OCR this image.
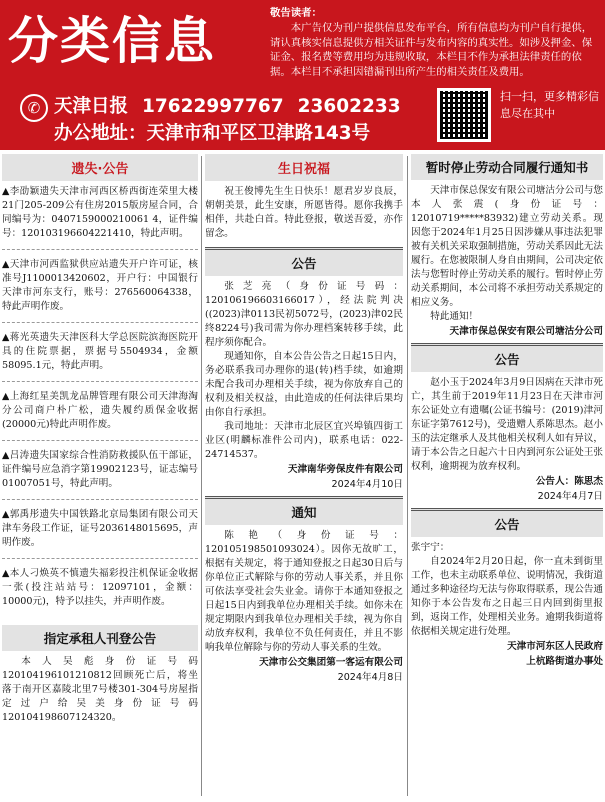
分类信息	敬告读者：
本广告仅为刊户提供信息发布平台，所有信息均为刊户自行提供，请认真核实信息提供方相关证件与发布内容的真实性。如涉及押金、保证金、报名费等费用均为违规收取，本栏目不作为承担法律责任的依据。本栏目不承担因错漏刊出所产生的相关责任及费用。
✆ 天津日报 17622997767 23602233
办公地址：天津市和平区卫津路143号
扫一扫，更多精彩信息尽在其中
遗失·公告
▲李劭颖遗失天津市河西区桥西街连荣里大楼21门205-209公有住房2015版房屋合同，合同编号为：0407159000210061 4，证件编号：120103196604221410，特此声明。
▲天津市河西监狱供应站遗失开户许可证，核准号J1100013420602，开户行：中国银行天津市河东支行，账号：276560064338，特此声明作废。
▲蒋光英遗失天津医科大学总医院滨海医院开具的住院票据，票据号5504934，金额58095.1元，特此声明。
▲上海红星美凯龙品牌管理有限公司天津海淘分公司商户朴广松，遗失履约质保金收据(20000元)特此声明作废。
▲吕涛遗失国家综合性消防救援队伍干部证，证件编号应急消字第19902123号，证志编号01007051号，特此声明。
▲郭禹彤遗失中国铁路北京局集团有限公司天津车务段工作证，证号2036148015695，声明作废。
▲本人刁焕英不慎遗失福彩投注机保证金收据一张(投注站站号：12097101，金额：10000元)，特予以挂失，并声明作废。
指定承租人刊登公告
本人吴彪身份证号码120104196101210812回顾死亡后，将坐落于南开区嘉陵北里7号楼301-304号房屋指定过户给吴美身份证号码120104198607124320。
生日祝福
祝王俊博先生生日快乐！愿君岁岁良辰，朝朝美景，此生安康，所愿皆得。愿你我携手相伴，共赴白首。特此登报，敬送吾爱，亦作留念。
公告
张芝亮（身份证号码：120106196603166017），经法院判决((2023)津0113民初5072号，(2023)津02民终8224号)我司需为你办理档案转移手续，此程序须你配合。
现通知你，自本公告公告之日起15日内，务必联系我司办理你的退(转)档手续，如逾期未配合我司办理相关手续，视为你放弃自己的权利及相关权益，由此造成的任何法律后果均由你自行承担。
我司地址：天津市北辰区宜兴埠镇四街工业区(明麟标准件公司内)，联系电话：022-24714537。
天津南华旁保皮件有限公司
2024年4月10日
通知
陈艳（身份证号：120105198501093024）。因你无故旷工，根据有关规定，将于通知登报之日起30日后与你单位正式解除与你的劳动人事关系，并且你可依法享受社会失业金。请你于本通知登报之日起15日内到我单位办理相关手续。如你未在规定期限内到我单位办理相关手续，视为你自动放弃权利，我单位不负任何责任，并且不影响我单位解除与你的劳动人事关系的生效。
天津市公交集团第一客运有限公司
2024年4月8日
暂时停止劳动合同履行通知书
天津市保总保安有限公司塘沽分公司与您本人张震(身份证号：12010719*****83932)建立劳动关系。现因您于2024年1月25日因涉嫌从事违法犯罪被有关机关采取强制措施，劳动关系因此无法履行。在您被限制人身自由期间，公司决定依法与您暂时停止劳动关系的履行。暂时停止劳动关系期间，本公司将不承担劳动关系规定的相应义务。
特此通知！
天津市保总保安有限公司塘沽分公司
公告
赵小玉于2024年3月9日因病在天津市死亡，其生前于2019年11月23日在天津市河东公证处立有遗嘱(公证书编号：(2019)津河东证字第7612号)，受遗赠人系陈思杰。赵小玉的法定继承人及其他相关权利人如有异议，请于本公告之日起六十日内到河东公证处王张权利，逾期视为放弃权利。
公告人：陈思杰
2024年4月7日
公告
张宇宁：
自2024年2月20日起，你一直未到街里工作，也未主动联系单位、说明情况，我街道通过多种途径均无法与你取得联系，现公告通知你于本公告发布之日起三日内回到街里报到，返岗工作，处理相关业务。逾期我街道将依据相关规定进行处理。
天津市河东区人民政府
上杭路街道办事处
